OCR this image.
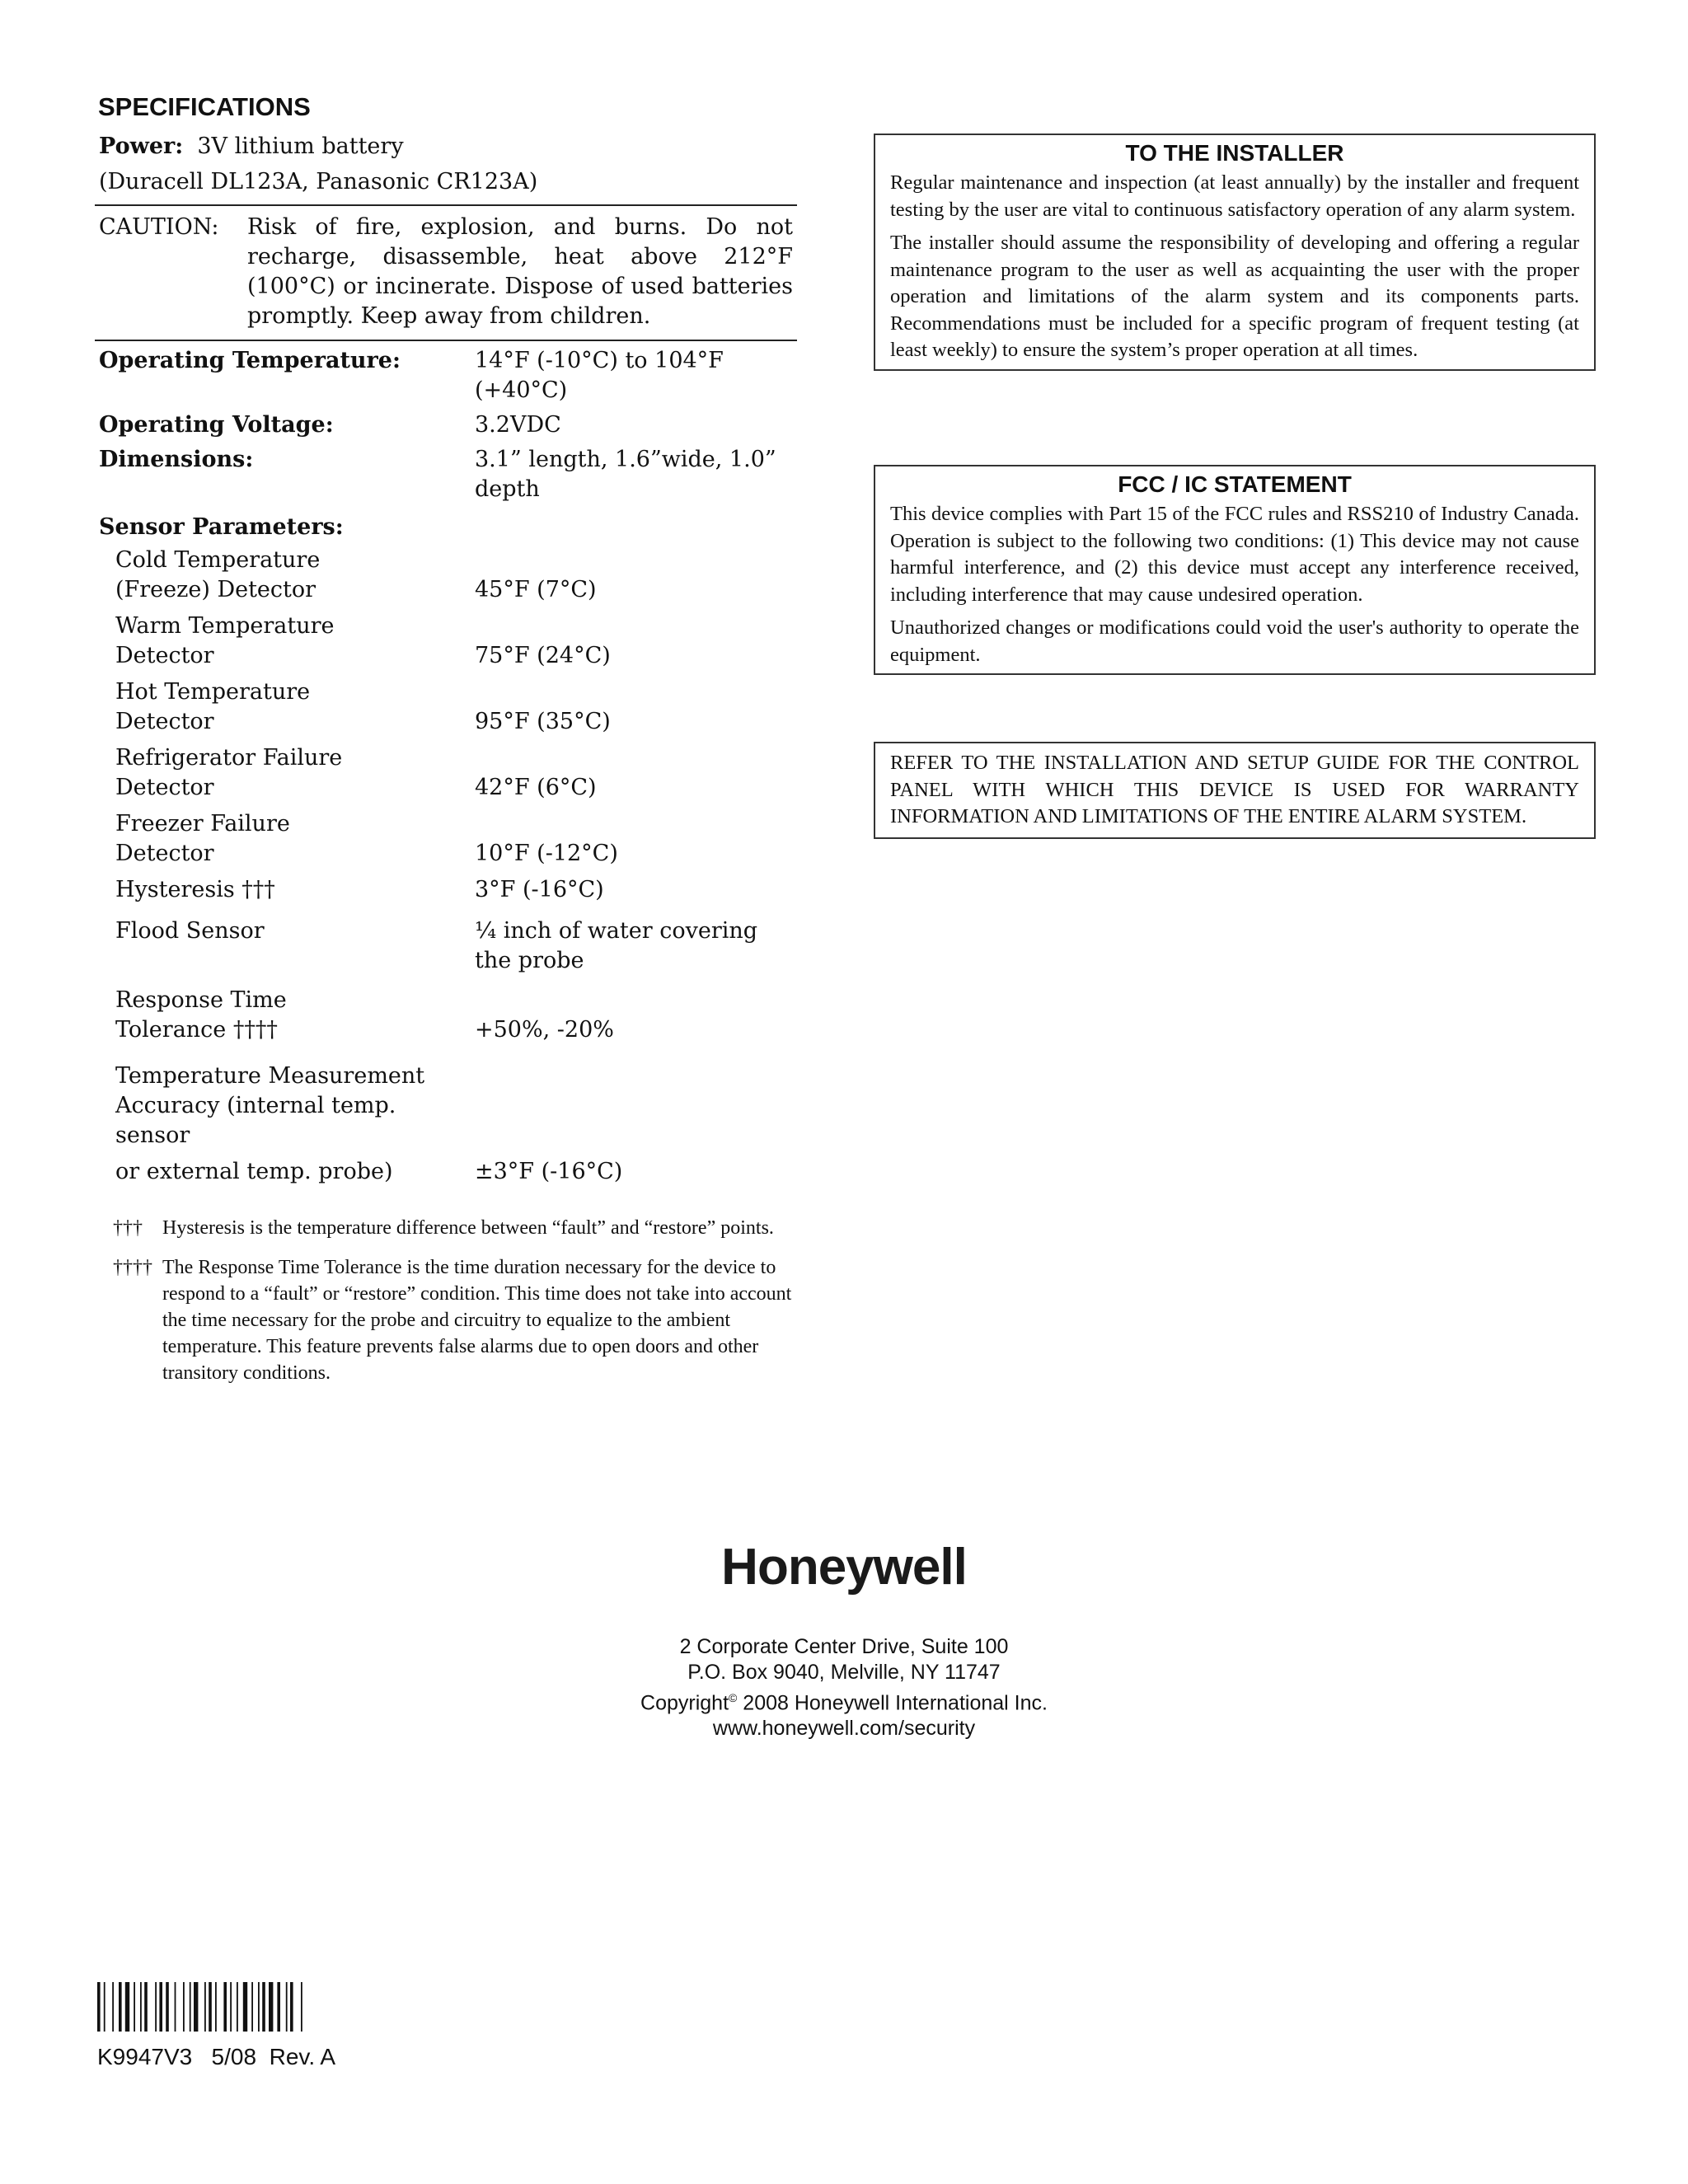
SPECIFICATIONS
Power: 3V lithium battery
(Duracell DL123A, Panasonic CR123A)
CAUTION:	Risk of fire, explosion, and burns. Do not recharge, disassemble, heat above 212°F (100°C) or incinerate. Dispose of used batteries promptly. Keep away from children.
Operating Temperature:	14°F (-10°C) to 104°F (+40°C)
Operating Voltage:	3.2VDC
Dimensions:	3.1” length, 1.6”wide, 1.0” depth
Sensor Parameters:
Cold Temperature
(Freeze) Detector	45°F (7°C)
Warm Temperature
Detector	75°F (24°C)
Hot Temperature
Detector	95°F (35°C)
Refrigerator Failure
Detector	42°F (6°C)
Freezer Failure
Detector	10°F (-12°C)
Hysteresis †††	3°F (-16°C)
Flood Sensor	¼ inch of water covering the probe
Response Time
Tolerance ††††	+50%, -20%
Temperature Measurement
Accuracy (internal temp. sensor
or external temp. probe)	±3°F (-16°C)
†††	Hysteresis is the temperature difference between “fault” and “restore” points.
†††† The Response Time Tolerance is the time duration necessary for the device to respond to a “fault” or “restore” condition. This time does not take into account the time necessary for the probe and circuitry to equalize to the ambient temperature. This feature prevents false alarms due to open doors and other transitory conditions.
TO THE INSTALLER

Regular maintenance and inspection (at least annually) by the installer and frequent testing by the user are vital to continuous satisfactory operation of any alarm system.

The installer should assume the responsibility of developing and offering a regular maintenance program to the user as well as acquainting the user with the proper operation and limitations of the alarm system and its components parts. Recommendations must be included for a specific program of frequent testing (at least weekly) to ensure the system’s proper operation at all times.

FCC / IC STATEMENT

This device complies with Part 15 of the FCC rules and RSS210 of Industry Canada. Operation is subject to the following two conditions: (1) This device may not cause harmful interference, and (2) this device must accept any interference received, including interference that may cause undesired operation.

Unauthorized changes or modifications could void the user's authority to operate the equipment.

REFER TO THE INSTALLATION AND SETUP GUIDE FOR THE CONTROL PANEL WITH WHICH THIS DEVICE IS USED FOR WARRANTY INFORMATION AND LIMITATIONS OF THE ENTIRE ALARM SYSTEM.

Honeywell
2 Corporate Center Drive, Suite 100
P.O. Box 9040, Melville, NY 11747
Copyright© 2008 Honeywell International Inc.
www.honeywell.com/security
K9947V3   5/08  Rev. A
